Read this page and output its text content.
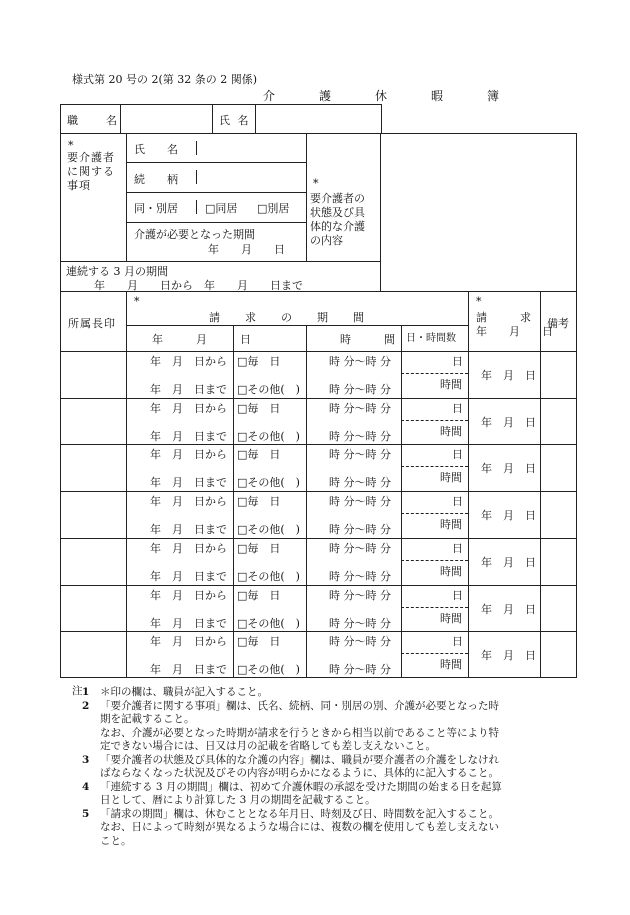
様式第 20 号の 2(第 32 条の 2 関係)
介　護　休　暇　簿
職　　名	氏 名
*
要介護者
に関する
事項
氏　　名
続　　柄
同・別居 □同居 □別居
介護が必要となった期間
年　　月　　日
*
要介護者の
状態及び具
体的な介護
の内容
連続する 3 月の期間
年　　月　　日から　年　　月　　日まで
所属長印
*
請　　求　　の　　期　　間
年　　　月　　　日	時　　　間 日・時間数
*
請　　　求
年　　月　　日
備考
年　月　日から
年　月　日まで
□毎　日
□その他(　)
時 分〜時 分
時 分〜時 分
日
時間
年　月　日
年　月　日から
年　月　日まで
□毎　日
□その他(　)
時 分〜時 分
時 分〜時 分
日
時間
年　月　日
年　月　日から
年　月　日まで
□毎　日
□その他(　)
時 分〜時 分
時 分〜時 分
日
時間
年　月　日
年　月　日から
年　月　日まで
□毎　日
□その他(　)
時 分〜時 分
時 分〜時 分
日
時間
年　月　日
年　月　日から
年　月　日まで
□毎　日
□その他(　)
時 分〜時 分
時 分〜時 分
日
時間
年　月　日
年　月　日から
年　月　日まで
□毎　日
□その他(　)
時 分〜時 分
時 分〜時 分
日
時間
年　月　日
年　月　日から
年　月　日まで
□毎　日
□その他(　)
時 分〜時 分
時 分〜時 分
日
時間
年　月　日
注 1 ＊印の欄は、職員が記入すること。
2 「要介護者に関する事項」欄は、氏名、続柄、同・別居の別、介護が必要となった時
期を記載すること。
なお、介護が必要となった時期が請求を行うときから相当以前であること等により特
定できない場合には、日又は月の記載を省略しても差し支えないこと。
3 「要介護者の状態及び具体的な介護の内容」欄は、職員が要介護者の介護をしなけれ
ばならなくなった状況及びその内容が明らかになるように、具体的に記入すること。
4 「連続する 3 月の期間」欄は、初めて介護休暇の承認を受けた期間の始まる日を起算
日として、暦により計算した 3 月の期間を記載すること。
5 「請求の期間」欄は、休むこととなる年月日、時刻及び日、時間数を記入すること。
なお、日によって時刻が異なるような場合には、複数の欄を使用しても差し支えない
こと。
